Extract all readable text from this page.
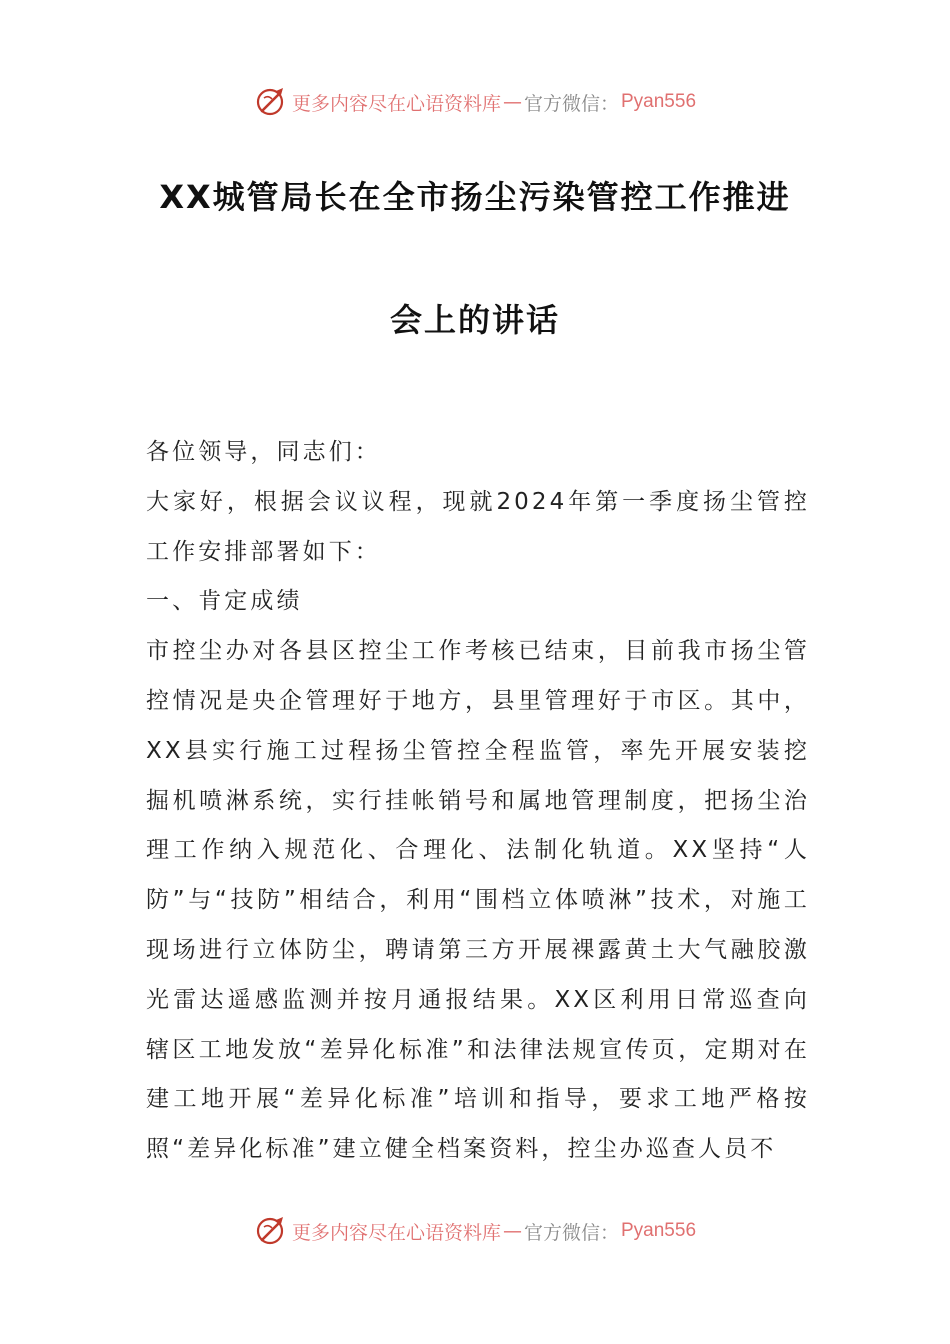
更多内容尽在心语资料库 — 官方微信： Pyan556
XX城管局长在全市扬尘污染管控工作推进
会上的讲话

各位领导，同志们：

大家好，根据会议议程，现就2024年第一季度扬尘管控工作安排部署如下：

一、肯定成绩

市控尘办对各县区控尘工作考核已结束，目前我市扬尘管控情况是央企管理好于地方，县里管理好于市区。其中，XX县实行施工过程扬尘管控全程监管，率先开展安装挖掘机喷淋系统，实行挂帐销号和属地管理制度，把扬尘治理工作纳入规范化、合理化、法制化轨道。XX坚持“人防”与“技防”相结合，利用“围档立体喷淋”技术，对施工现场进行立体防尘，聘请第三方开展裸露黄土大气融胶激光雷达遥感监测并按月通报结果。XX区利用日常巡查向辖区工地发放“差异化标准”和法律法规宣传页，定期对在建工地开展“差异化标准”培训和指导，要求工地严格按照“差异化标准”建立健全档案资料，控尘办巡查人员不

更多内容尽在心语资料库 — 官方微信： Pyan556
